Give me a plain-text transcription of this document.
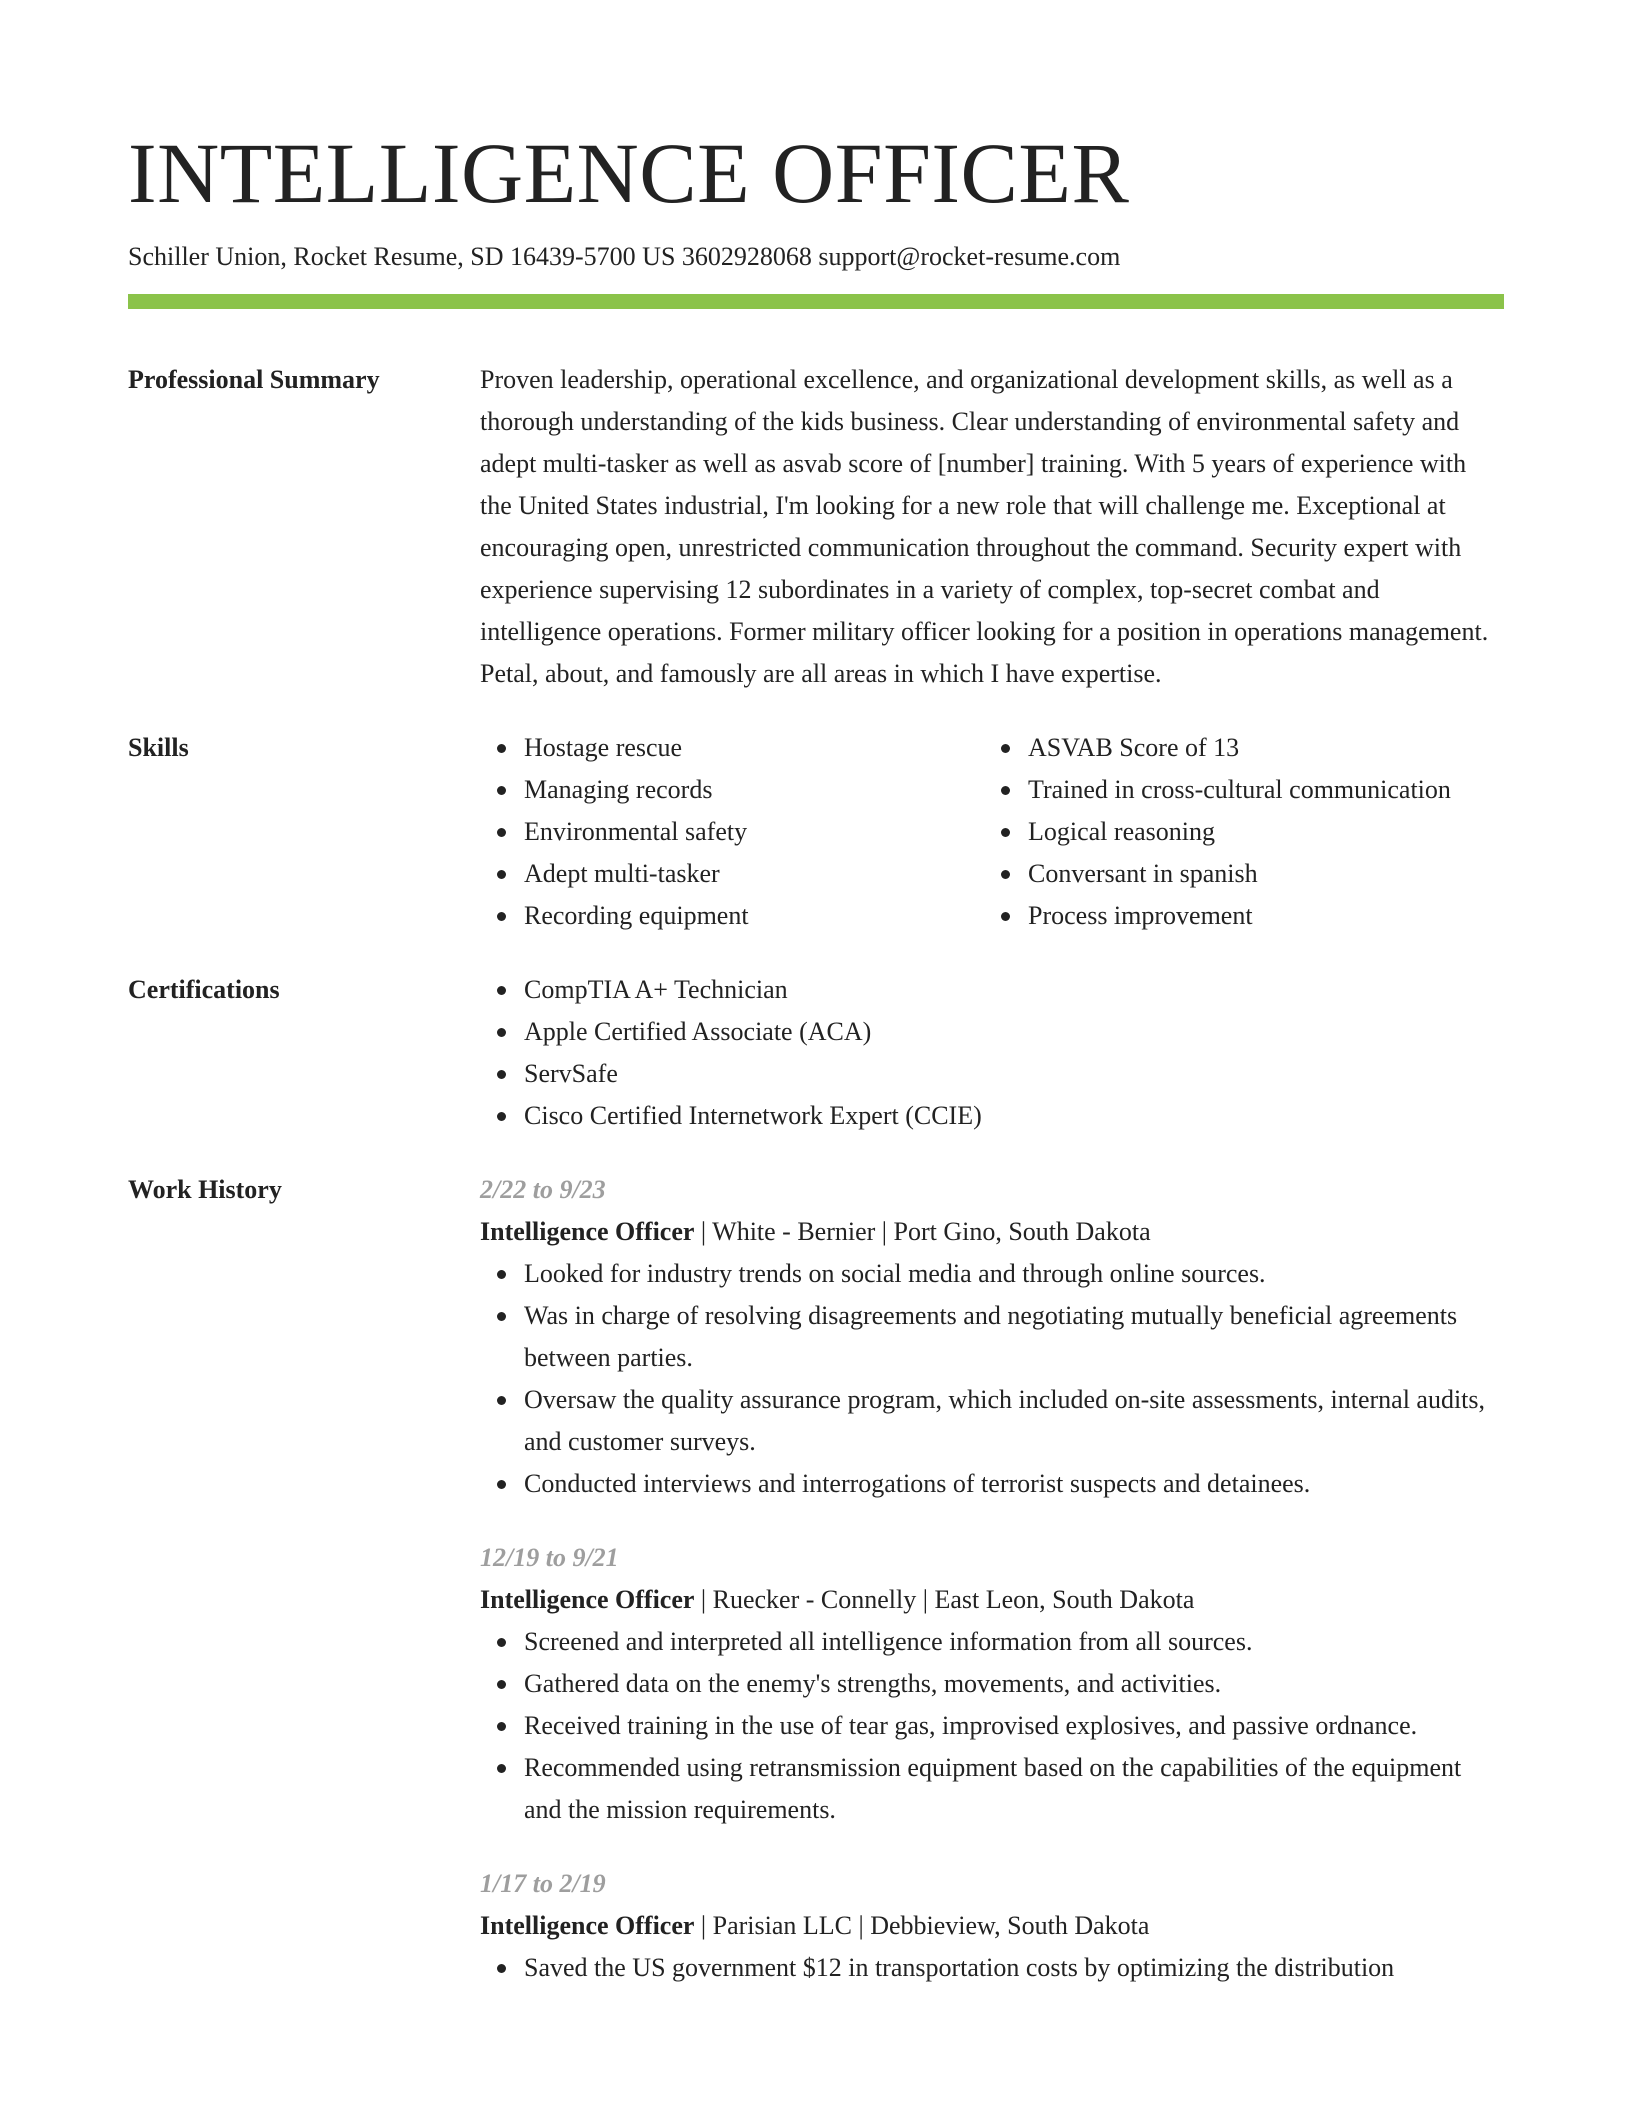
INTELLIGENCE OFFICER
Schiller Union, Rocket Resume, SD 16439-5700 US 3602928068 support@rocket-resume.com
Professional Summary	Proven leadership, operational excellence, and organizational development skills, as well as a thorough understanding of the kids business. Clear understanding of environmental safety and adept multi-tasker as well as asvab score of [number] training. With 5 years of experience with the United States industrial, I'm looking for a new role that will challenge me. Exceptional at encouraging open, unrestricted communication throughout the command. Security expert with experience supervising 12 subordinates in a variety of complex, top-secret combat and intelligence operations. Former military officer looking for a position in operations management. Petal, about, and famously are all areas in which I have expertise.

Skills	Hostage rescue
Managing records
Environmental safety
Adept multi-tasker
Recording equipment
ASVAB Score of 13
Trained in cross-cultural communication
Logical reasoning
Conversant in spanish
Process improvement
Certifications	CompTIA A+ Technician
Apple Certified Associate (ACA)
ServSafe
Cisco Certified Internetwork Expert (CCIE)
Work History	2/22 to 9/23
Intelligence Officer | White - Bernier | Port Gino, South Dakota
Looked for industry trends on social media and through online sources.
Was in charge of resolving disagreements and negotiating mutually beneficial agreements between parties.
Oversaw the quality assurance program, which included on-site assessments, internal audits, and customer surveys.
Conducted interviews and interrogations of terrorist suspects and detainees.
12/19 to 9/21
Intelligence Officer | Ruecker - Connelly | East Leon, South Dakota
Screened and interpreted all intelligence information from all sources.
Gathered data on the enemy's strengths, movements, and activities.
Received training in the use of tear gas, improvised explosives, and passive ordnance.
Recommended using retransmission equipment based on the capabilities of the equipment and the mission requirements.
1/17 to 2/19
Intelligence Officer | Parisian LLC | Debbieview, South Dakota
Saved the US government $12 in transportation costs by optimizing the distribution
